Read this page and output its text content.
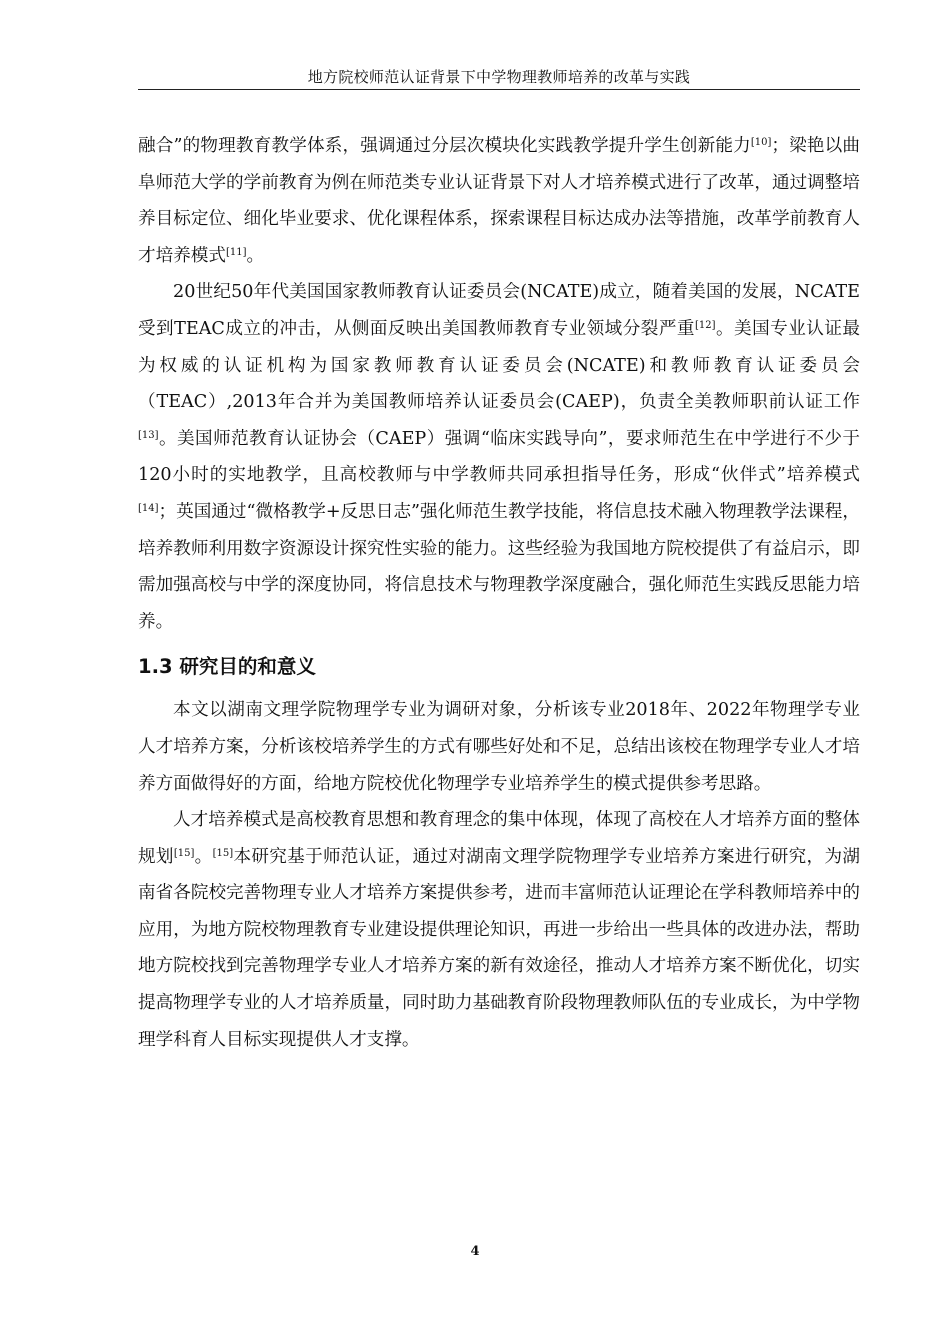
地方院校师范认证背景下中学物理教师培养的改革与实践

融合”的物理教育教学体系，强调通过分层次模块化实践教学提升学生创新能力[10]；梁艳以曲阜师范大学的学前教育为例在师范类专业认证背景下对人才培养模式进行了改革，通过调整培养目标定位、细化毕业要求、优化课程体系，探索课程目标达成办法等措施，改革学前教育人才培养模式[11]。

20世纪50年代美国国家教师教育认证委员会(NCATE)成立，随着美国的发展，NCATE受到TEAC成立的冲击，从侧面反映出美国教师教育专业领域分裂严重[12]。美国专业认证最为权威的认证机构为国家教师教育认证委员会(NCATE)和教师教育认证委员会（TEAC）,2013年合并为美国教师培养认证委员会(CAEP)，负责全美教师职前认证工作[13]。美国师范教育认证协会（CAEP）强调“临床实践导向”，要求师范生在中学进行不少于120小时的实地教学，且高校教师与中学教师共同承担指导任务，形成“伙伴式”培养模式[14]；英国通过“微格教学+反思日志”强化师范生教学技能，将信息技术融入物理教学法课程，培养教师利用数字资源设计探究性实验的能力。这些经验为我国地方院校提供了有益启示，即需加强高校与中学的深度协同，将信息技术与物理教学深度融合，强化师范生实践反思能力培养。

1.3 研究目的和意义

本文以湖南文理学院物理学专业为调研对象，分析该专业2018年、2022年物理学专业人才培养方案，分析该校培养学生的方式有哪些好处和不足，总结出该校在物理学专业人才培养方面做得好的方面，给地方院校优化物理学专业培养学生的模式提供参考思路。

人才培养模式是高校教育思想和教育理念的集中体现，体现了高校在人才培养方面的整体规划[15]。[15]本研究基于师范认证，通过对湖南文理学院物理学专业培养方案进行研究，为湖南省各院校完善物理专业人才培养方案提供参考，进而丰富师范认证理论在学科教师培养中的应用，为地方院校物理教育专业建设提供理论知识，再进一步给出一些具体的改进办法，帮助地方院校找到完善物理学专业人才培养方案的新有效途径，推动人才培养方案不断优化，切实提高物理学专业的人才培养质量，同时助力基础教育阶段物理教师队伍的专业成长，为中学物理学科育人目标实现提供人才支撑。

4
